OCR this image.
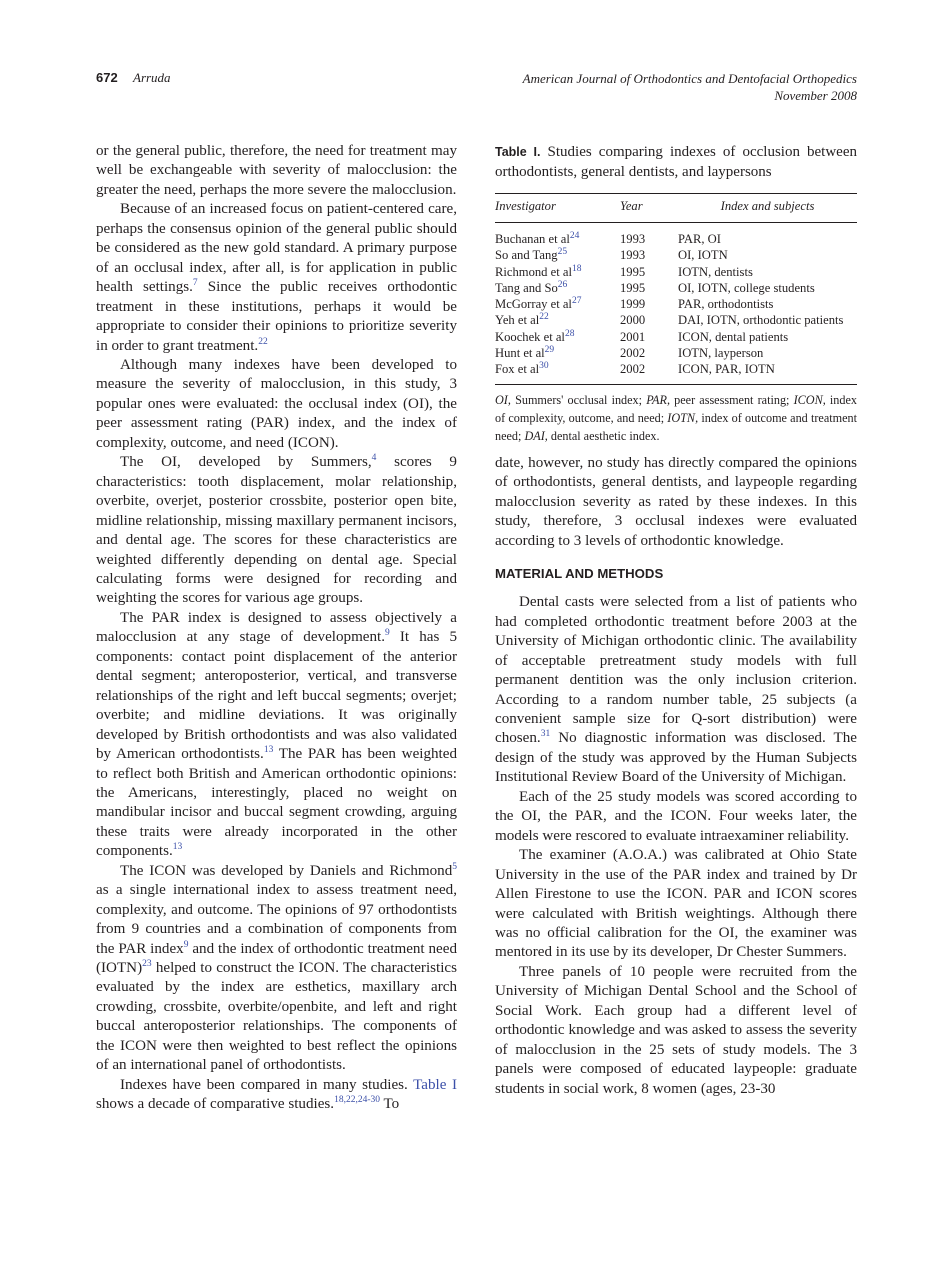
672 Arruda	American Journal of Orthodontics and Dentofacial Orthopedics
November 2008

or the general public, therefore, the need for treatment may well be exchangeable with severity of malocclusion: the greater the need, perhaps the more severe the malocclusion.

Because of an increased focus on patient-centered care, perhaps the consensus opinion of the general public should be considered as the new gold standard. A primary purpose of an occlusal index, after all, is for application in public health settings.$^7$ Since the public receives orthodontic treatment in these institutions, perhaps it would be appropriate to consider their opinions to prioritize severity in order to grant treatment.$^{22}$

Although many indexes have been developed to measure the severity of malocclusion, in this study, 3 popular ones were evaluated: the occlusal index (OI), the peer assessment rating (PAR) index, and the index of complexity, outcome, and need (ICON).

The OI, developed by Summers,$^4$ scores 9 characteristics: tooth displacement, molar relationship, overbite, overjet, posterior crossbite, posterior open bite, midline relationship, missing maxillary permanent incisors, and dental age. The scores for these characteristics are weighted differently depending on dental age. Special calculating forms were designed for recording and weighting the scores for various age groups.

The PAR index is designed to assess objectively a malocclusion at any stage of development.$^9$ It has 5 components: contact point displacement of the anterior dental segment; anteroposterior, vertical, and transverse relationships of the right and left buccal segments; overjet; overbite; and midline deviations. It was originally developed by British orthodontists and was also validated by American orthodontists.$^{13}$ The PAR has been weighted to reflect both British and American orthodontic opinions: the Americans, interestingly, placed no weight on mandibular incisor and buccal segment crowding, arguing these traits were already incorporated in the other components.$^{13}$

The ICON was developed by Daniels and Richmond$^5$ as a single international index to assess treatment need, complexity, and outcome. The opinions of 97 orthodontists from 9 countries and a combination of components from the PAR index$^9$ and the index of orthodontic treatment need (IOTN)$^{23}$ helped to construct the ICON. The characteristics evaluated by the index are esthetics, maxillary arch crowding, crossbite, overbite/openbite, and left and right buccal anteroposterior relationships. The components of the ICON were then weighted to best reflect the opinions of an international panel of orthodontists.

Indexes have been compared in many studies. Table I shows a decade of comparative studies.$^{18,22,24-30}$ To

Table I. Studies comparing indexes of occlusion between orthodontists, general dentists, and laypersons

Investigator	Year	Index and subjects
Buchanan et al$^{24}$	1993	PAR, OI
So and Tang$^{25}$	1993	OI, IOTN
Richmond et al$^{18}$	1995	IOTN, dentists
Tang and So$^{26}$	1995	OI, IOTN, college students
McGorray et al$^{27}$	1999	PAR, orthodontists
Yeh et al$^{22}$	2000	DAI, IOTN, orthodontic patients
Koochek et al$^{28}$	2001	ICON, dental patients
Hunt et al$^{29}$	2002	IOTN, layperson
Fox et al$^{30}$	2002	ICON, PAR, IOTN
OI, Summers' occlusal index; PAR, peer assessment rating; ICON, index of complexity, outcome, and need; IOTN, index of outcome and treatment need; DAI, dental aesthetic index.

date, however, no study has directly compared the opinions of orthodontists, general dentists, and laypeople regarding malocclusion severity as rated by these indexes. In this study, therefore, 3 occlusal indexes were evaluated according to 3 levels of orthodontic knowledge.

MATERIAL AND METHODS

Dental casts were selected from a list of patients who had completed orthodontic treatment before 2003 at the University of Michigan orthodontic clinic. The availability of acceptable pretreatment study models with full permanent dentition was the only inclusion criterion. According to a random number table, 25 subjects (a convenient sample size for Q-sort distribution) were chosen.$^{31}$ No diagnostic information was disclosed. The design of the study was approved by the Human Subjects Institutional Review Board of the University of Michigan.

Each of the 25 study models was scored according to the OI, the PAR, and the ICON. Four weeks later, the models were rescored to evaluate intraexaminer reliability.

The examiner (A.O.A.) was calibrated at Ohio State University in the use of the PAR index and trained by Dr Allen Firestone to use the ICON. PAR and ICON scores were calculated with British weightings. Although there was no official calibration for the OI, the examiner was mentored in its use by its developer, Dr Chester Summers.

Three panels of 10 people were recruited from the University of Michigan Dental School and the School of Social Work. Each group had a different level of orthodontic knowledge and was asked to assess the severity of malocclusion in the 25 sets of study models. The 3 panels were composed of educated laypeople: graduate students in social work, 8 women (ages, 23-30
